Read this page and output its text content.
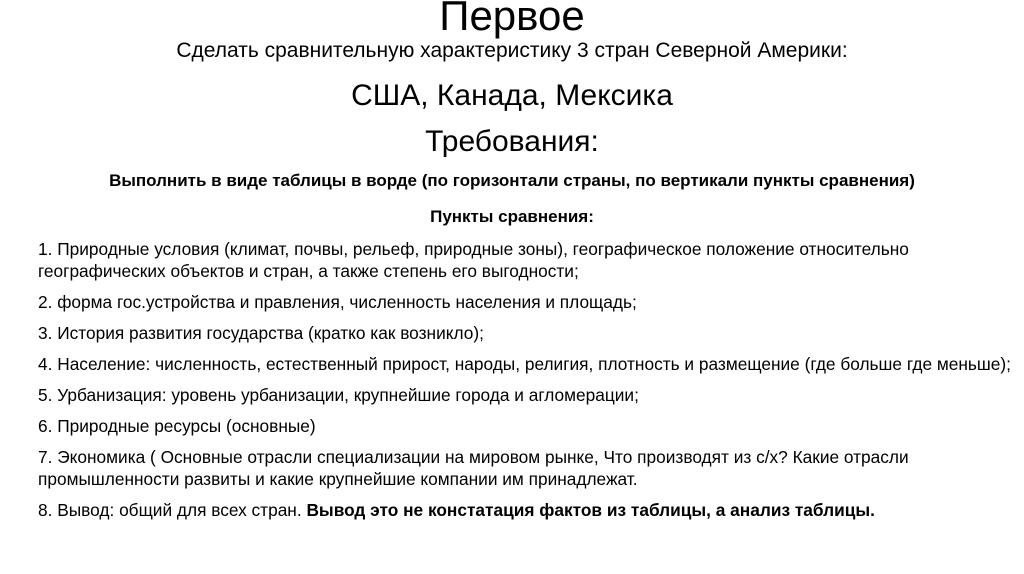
Первое
Сделать сравнительную характеристику 3 стран Северной Америки:
США, Канада, Мексика
Требования:
Выполнить в виде таблицы в ворде (по горизонтали страны, по вертикали пункты сравнения)
Пункты сравнения:
1. Природные условия (климат, почвы, рельеф, природные зоны), географическое положение относительно географических объектов и стран, а также степень его выгодности;
2. форма гос.устройства и правления, численность населения и площадь;
3. История развития государства (кратко как возникло);
4. Население: численность, естественный прирост, народы, религия, плотность и размещение (где больше где меньше);
5. Урбанизация: уровень урбанизации, крупнейшие города и агломерации;
6. Природные ресурсы (основные)
7. Экономика ( Основные отрасли специализации на мировом рынке, Что производят из с/х? Какие отрасли промышленности развиты и какие крупнейшие компании им принадлежат.
8. Вывод: общий для всех стран. Вывод это не констатация фактов из таблицы, а анализ таблицы.
